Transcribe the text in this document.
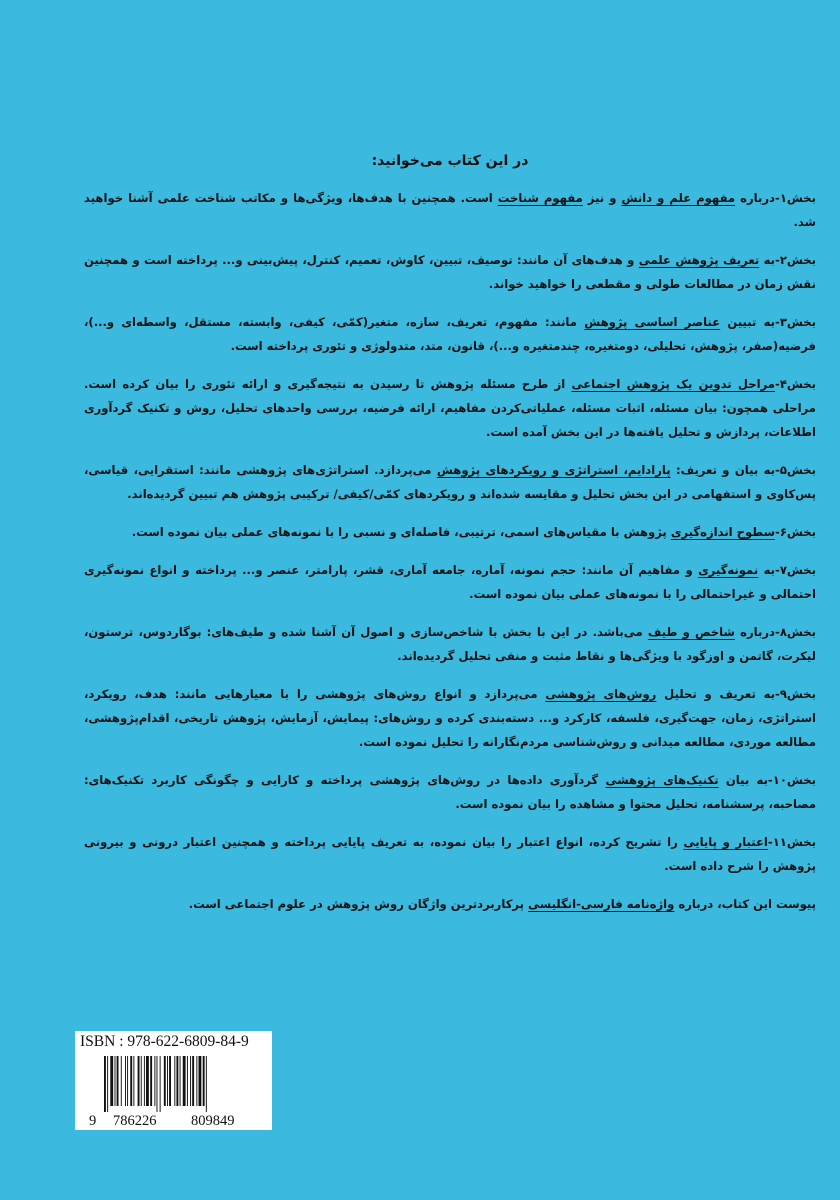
در این کتاب می‌خوانید:
بخش۱-درباره مفهوم علم و دانش و نیز مفهوم شناخت است. همچنین با هدف‌ها، ویژگی‌ها و مکاتب شناخت علمی آشنا خواهید شد.
بخش۲-به تعریف پژوهش علمی و هدف‌های آن مانند: توصیف، تبیین، کاوش، تعمیم، کنترل، پیش‌بینی و... پرداخته است و همچنین نقش زمان در مطالعات طولی و مقطعی را خواهید خواند.
بخش۳-به تبیین عناصر اساسی پژوهش مانند: مفهوم، تعریف، سازه، متغیر(کمّی، کیفی، وابسته، مستقل، واسطه‌ای و...)، فرضیه(صفر، پژوهش، تحلیلی، دومتغیره، چندمتغیره و...)، قانون، متد، متدولوژی و تئوری پرداخته است.
بخش۴-مراحل تدوین یک پژوهش اجتماعی از طرح مسئله پژوهش تا رسیدن به نتیجه‌گیری و ارائه تئوری را بیان کرده است. مراحلی همچون: بیان مسئله، اثبات مسئله، عملیاتی‌کردن مفاهیم، ارائه فرضیه، بررسی واحدهای تحلیل، روش و تکنیک گردآوری اطلاعات، پردازش و تحلیل یافته‌ها در این بخش آمده است.
بخش۵-به بیان و تعریف: پارادایم، استراتژی و رویکردهای پژوهش می‌پردازد. استراتژی‌های پژوهشی مانند: استقرایی، قیاسی، پس‌کاوی و استفهامی در این بخش تحلیل و مقایسه شده‌اند و رویکردهای کمّی/کیفی/ ترکیبی پژوهش هم تبیین گردیده‌اند.
بخش۶-سطوح اندازه‌گیری پژوهش با مقیاس‌های اسمی، ترتیبی، فاصله‌ای و نسبی را با نمونه‌های عملی بیان نموده است.
بخش۷-به نمونه‌گیری و مفاهیم آن مانند: حجم نمونه، آماره، جامعه آماری، قشر، پارامتر، عنصر و... پرداخته و انواع نمونه‌گیری احتمالی و غیراحتمالی را با نمونه‌های عملی بیان نموده است.
بخش۸-درباره شاخص و طیف می‌باشد. در این با بخش با شاخص‌سازی و اصول آن آشنا شده و طیف‌های: بوگاردوس، ترستون، لیکرت، گاتمن و اوزگود با ویژگی‌ها و نقاط مثبت و منفی تحلیل گردیده‌اند.
بخش۹-به تعریف و تحلیل روش‌های پژوهشی می‌پردازد و انواع روش‌های پژوهشی را با معیارهایی مانند: هدف، رویکرد، استراتژی، زمان، جهت‌گیری، فلسفه، کارکرد و... دسته‌بندی کرده و روش‌های: پیمایش، آزمایش، پژوهش تاریخی، اقدام‌پژوهشی، مطالعه موردی، مطالعه میدانی و روش‌شناسی مردم‌نگارانه را تحلیل نموده است.
بخش۱۰-به بیان تکنیک‌های پژوهشی گردآوری داده‌ها در روش‌های پژوهشی پرداخته و کارایی و چگونگی کاربرد تکنیک‌های: مصاحبه، پرسشنامه، تحلیل محتوا و مشاهده را بیان نموده است.
بخش۱۱-اعتبار و پایایی را تشریح کرده، انواع اعتبار را بیان نموده، به تعریف پایایی پرداخته و همچنین اعتبار درونی و بیرونی پژوهش را شرح داده است.
پیوست این کتاب، درباره واژه‌نامه فارسی-انگلیسی پرکاربردترین واژگان روش پژوهش در علوم اجتماعی است.
ISBN : 978-622-6809-84-9
9 786226 809849
